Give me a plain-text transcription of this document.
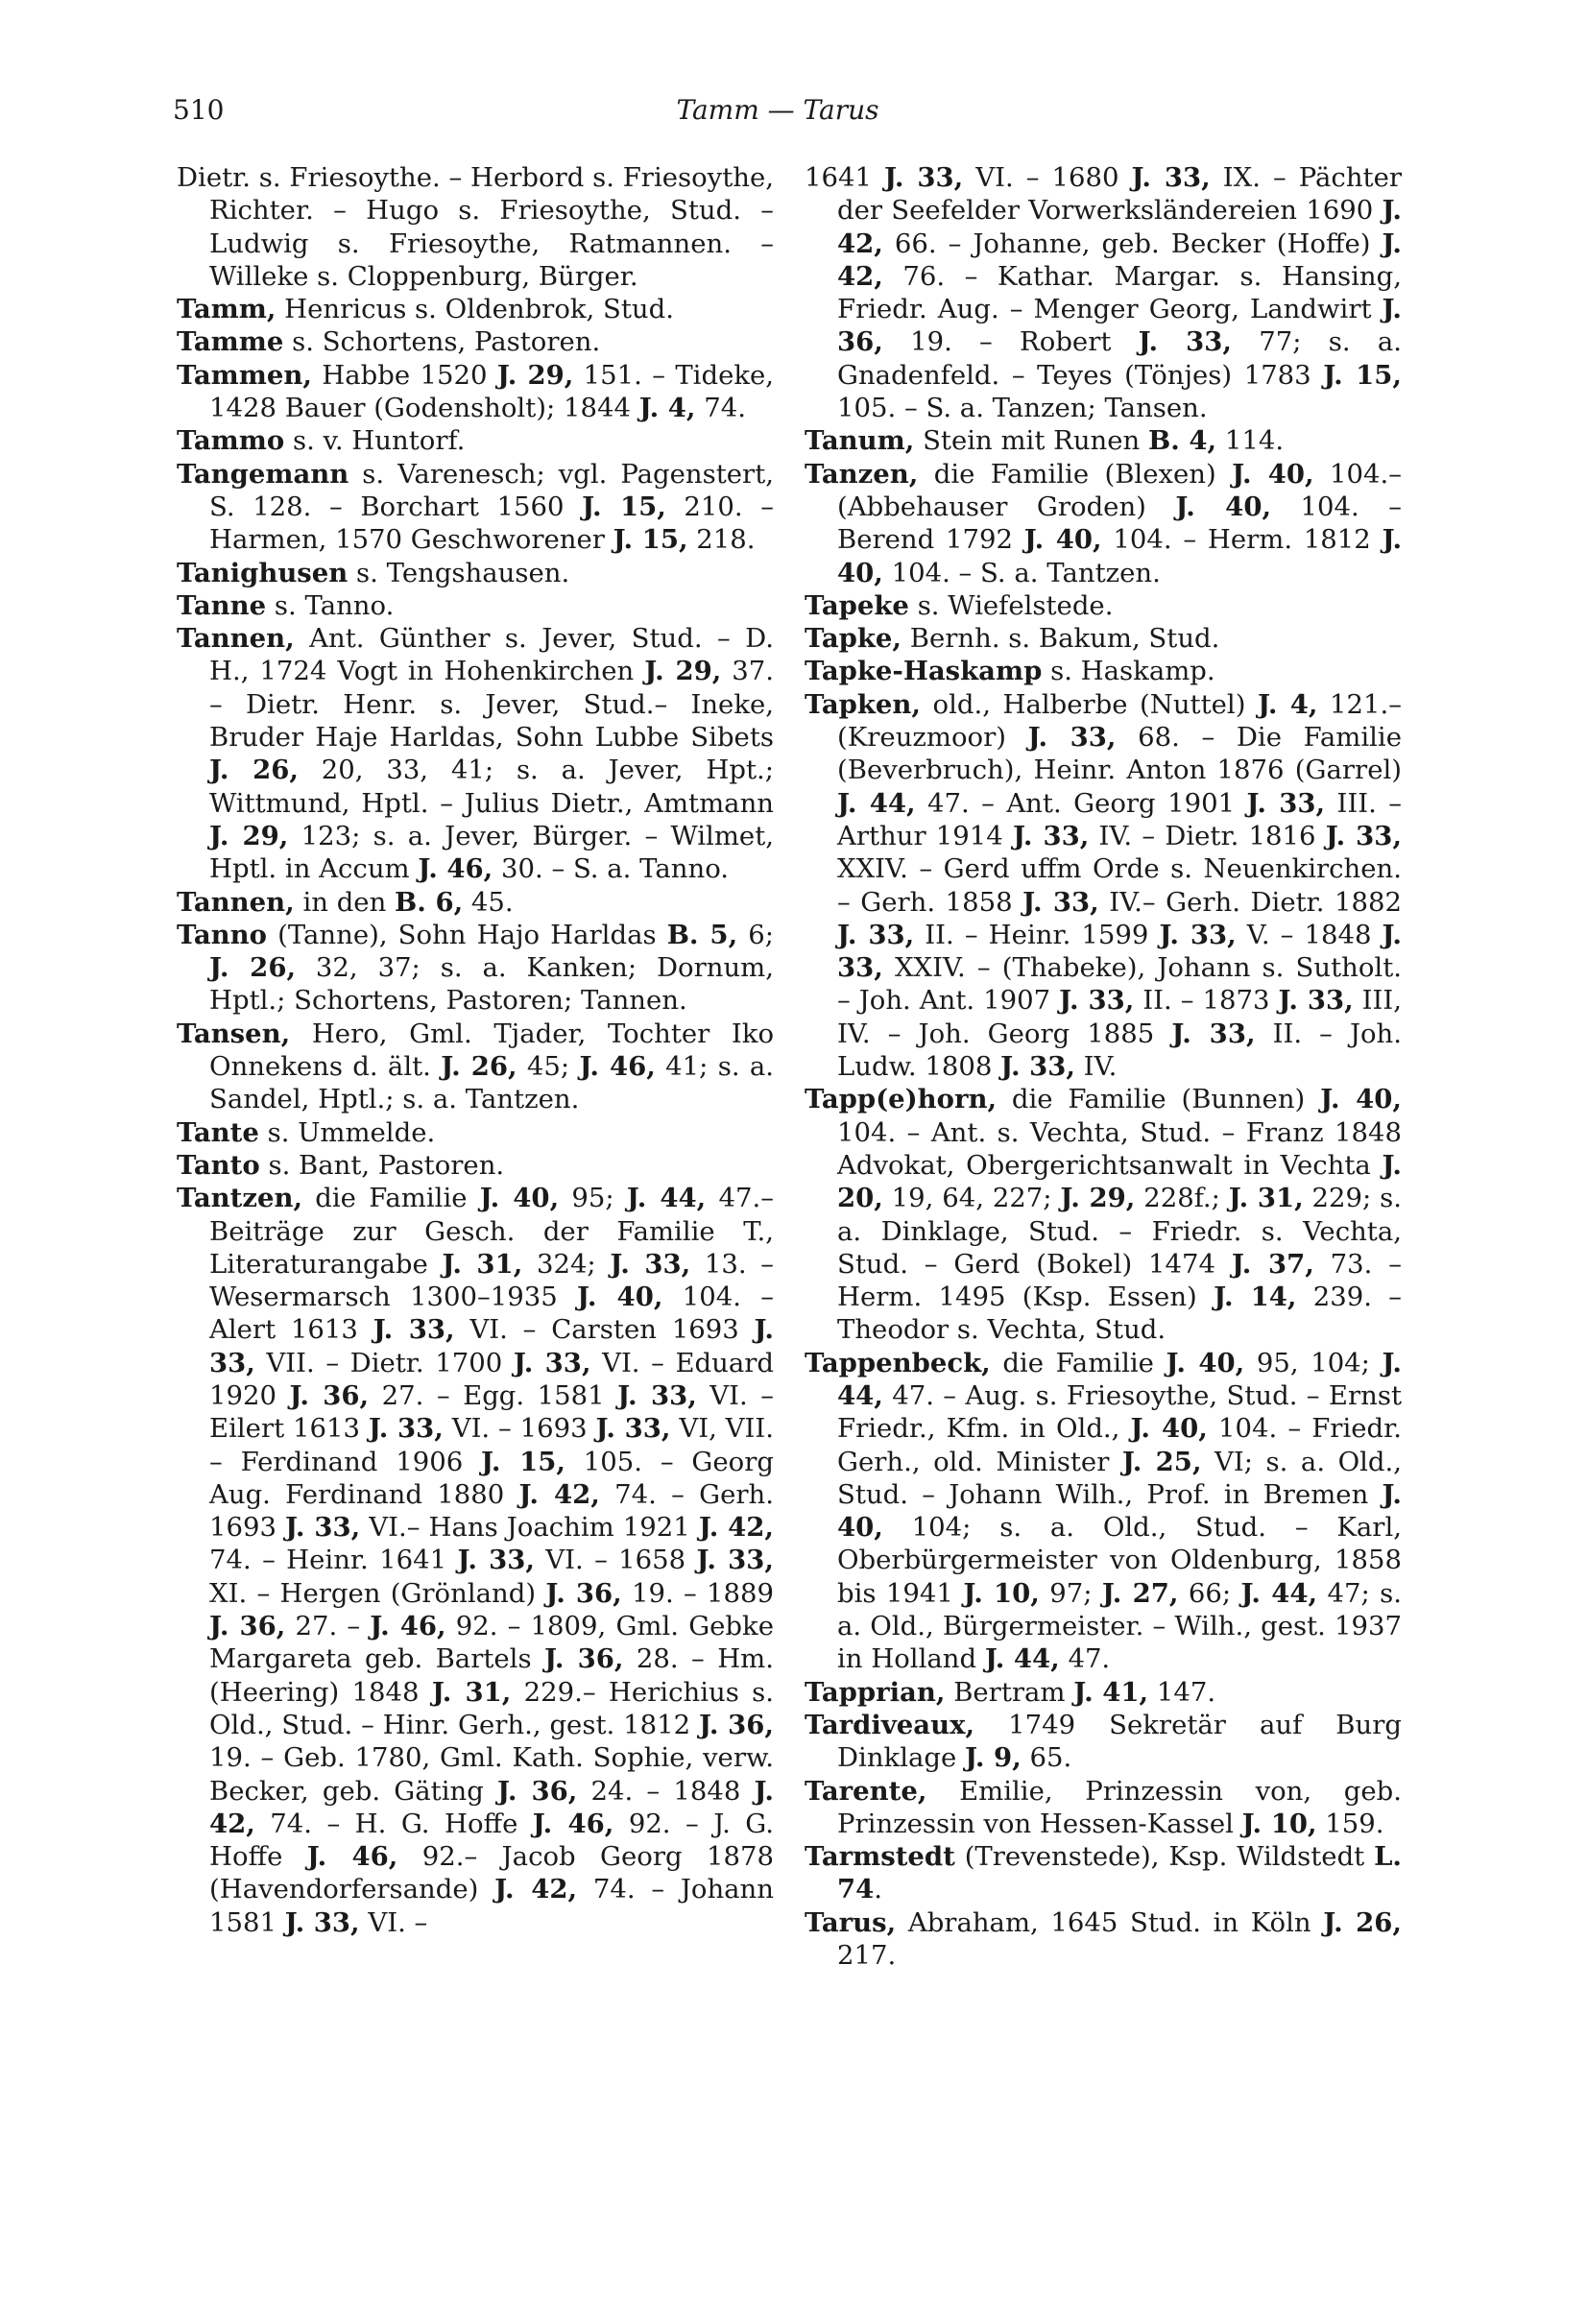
510	Tamm — Tarus

Dietr. s. Friesoythe. – Herbord s. Friesoythe, Richter. – Hugo s. Friesoythe, Stud. – Ludwig s. Friesoythe, Ratmannen. – Willeke s. Cloppenburg, Bürger.

Tamm, Henricus s. Oldenbrok, Stud.

Tamme s. Schortens, Pastoren.

Tammen, Habbe 1520 J. 29, 151. – Tideke, 1428 Bauer (Godensholt); 1844 J. 4, 74.

Tammo s. v. Huntorf.

Tangemann s. Varenesch; vgl. Pagenstert, S. 128. – Borchart 1560 J. 15, 210. – Harmen, 1570 Geschworener J. 15, 218.

Tanighusen s. Tengshausen.

Tanne s. Tanno.

Tannen, Ant. Günther s. Jever, Stud. – D. H., 1724 Vogt in Hohenkirchen J. 29, 37. – Dietr. Henr. s. Jever, Stud.– Ineke, Bruder Haje Harldas, Sohn Lubbe Sibets J. 26, 20, 33, 41; s. a. Jever, Hpt.; Wittmund, Hptl. – Julius Dietr., Amtmann J. 29, 123; s. a. Jever, Bürger. – Wilmet, Hptl. in Accum J. 46, 30. – S. a. Tanno.

Tannen, in den B. 6, 45.

Tanno (Tanne), Sohn Hajo Harldas B. 5, 6; J. 26, 32, 37; s. a. Kanken; Dornum, Hptl.; Schortens, Pastoren; Tannen.

Tansen, Hero, Gml. Tjader, Tochter Iko Onnekens d. ält. J. 26, 45; J. 46, 41; s. a. Sandel, Hptl.; s. a. Tantzen.

Tante s. Ummelde.

Tanto s. Bant, Pastoren.

Tantzen, die Familie J. 40, 95; J. 44, 47.– Beiträge zur Gesch. der Familie T., Literaturangabe J. 31, 324; J. 33, 13. – Wesermarsch 1300–1935 J. 40, 104. – Alert 1613 J. 33, VI. – Carsten 1693 J. 33, VII. – Dietr. 1700 J. 33, VI. – Eduard 1920 J. 36, 27. – Egg. 1581 J. 33, VI. – Eilert 1613 J. 33, VI. – 1693 J. 33, VI, VII. – Ferdinand 1906 J. 15, 105. – Georg Aug. Ferdinand 1880 J. 42, 74. – Gerh. 1693 J. 33, VI.– Hans Joachim 1921 J. 42, 74. – Heinr. 1641 J. 33, VI. – 1658 J. 33, XI. – Hergen (Grönland) J. 36, 19. – 1889 J. 36, 27. – J. 46, 92. – 1809, Gml. Gebke Margareta geb. Bartels J. 36, 28. – Hm. (Heering) 1848 J. 31, 229.– Herichius s. Old., Stud. – Hinr. Gerh., gest. 1812 J. 36, 19. – Geb. 1780, Gml. Kath. Sophie, verw. Becker, geb. Gäting J. 36, 24. – 1848 J. 42, 74. – H. G. Hoffe J. 46, 92. – J. G. Hoffe J. 46, 92.– Jacob Georg 1878 (Havendorfersande) J. 42, 74. – Johann 1581 J. 33, VI. –

1641 J. 33, VI. – 1680 J. 33, IX. – Pächter der Seefelder Vorwerksländereien 1690 J. 42, 66. – Johanne, geb. Becker (Hoffe) J. 42, 76. – Kathar. Margar. s. Hansing, Friedr. Aug. – Menger Georg, Landwirt J. 36, 19. – Robert J. 33, 77; s. a. Gnadenfeld. – Teyes (Tönjes) 1783 J. 15, 105. – S. a. Tanzen; Tansen.

Tanum, Stein mit Runen B. 4, 114.

Tanzen, die Familie (Blexen) J. 40, 104.– (Abbehauser Groden) J. 40, 104. – Berend 1792 J. 40, 104. – Herm. 1812 J. 40, 104. – S. a. Tantzen.

Tapeke s. Wiefelstede.

Tapke, Bernh. s. Bakum, Stud.

Tapke-Haskamp s. Haskamp.

Tapken, old., Halberbe (Nuttel) J. 4, 121.– (Kreuzmoor) J. 33, 68. – Die Familie (Beverbruch), Heinr. Anton 1876 (Garrel) J. 44, 47. – Ant. Georg 1901 J. 33, III. – Arthur 1914 J. 33, IV. – Dietr. 1816 J. 33, XXIV. – Gerd uffm Orde s. Neuenkirchen. – Gerh. 1858 J. 33, IV.– Gerh. Dietr. 1882 J. 33, II. – Heinr. 1599 J. 33, V. – 1848 J. 33, XXIV. – (Thabeke), Johann s. Sutholt. – Joh. Ant. 1907 J. 33, II. – 1873 J. 33, III, IV. – Joh. Georg 1885 J. 33, II. – Joh. Ludw. 1808 J. 33, IV.

Tapp(e)horn, die Familie (Bunnen) J. 40, 104. – Ant. s. Vechta, Stud. – Franz 1848 Advokat, Obergerichtsanwalt in Vechta J. 20, 19, 64, 227; J. 29, 228f.; J. 31, 229; s. a. Dinklage, Stud. – Friedr. s. Vechta, Stud. – Gerd (Bokel) 1474 J. 37, 73. – Herm. 1495 (Ksp. Essen) J. 14, 239. – Theodor s. Vechta, Stud.

Tappenbeck, die Familie J. 40, 95, 104; J. 44, 47. – Aug. s. Friesoythe, Stud. – Ernst Friedr., Kfm. in Old., J. 40, 104. – Friedr. Gerh., old. Minister J. 25, VI; s. a. Old., Stud. – Johann Wilh., Prof. in Bremen J. 40, 104; s. a. Old., Stud. – Karl, Oberbürgermeister von Oldenburg, 1858 bis 1941 J. 10, 97; J. 27, 66; J. 44, 47; s. a. Old., Bürgermeister. – Wilh., gest. 1937 in Holland J. 44, 47.

Tapprian, Bertram J. 41, 147.

Tardiveaux, 1749 Sekretär auf Burg Dinklage J. 9, 65.

Tarente, Emilie, Prinzessin von, geb. Prinzessin von Hessen-Kassel J. 10, 159.

Tarmstedt (Trevenstede), Ksp. Wildstedt L. 74.

Tarus, Abraham, 1645 Stud. in Köln J. 26, 217.
